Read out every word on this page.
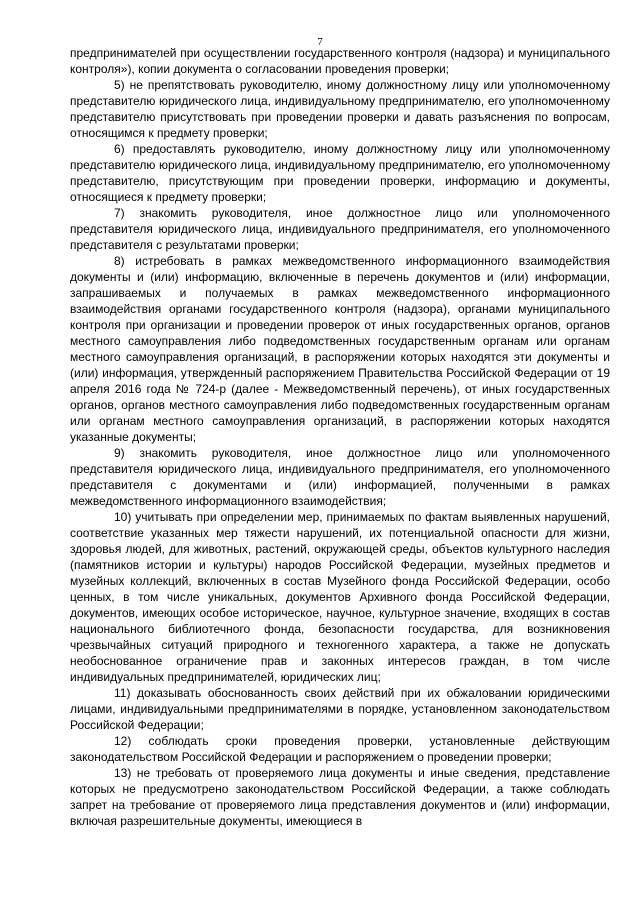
7

предпринимателей при осуществлении государственного контроля (надзора) и муниципального контроля»), копии документа о согласовании проведения проверки;

5) не препятствовать руководителю, иному должностному лицу или уполномоченному представителю юридического лица, индивидуальному предпринимателю, его уполномоченному представителю присутствовать при проведении проверки и давать разъяснения по вопросам, относящимся к предмету проверки;

6) предоставлять руководителю, иному должностному лицу или уполномоченному представителю юридического лица, индивидуальному предпринимателю, его уполномоченному представителю, присутствующим при проведении проверки, информацию и документы, относящиеся к предмету проверки;

7) знакомить руководителя, иное должностное лицо или уполномоченного представителя юридического лица, индивидуального предпринимателя, его уполномоченного представителя с результатами проверки;

8) истребовать в рамках межведомственного информационного взаимодействия документы и (или) информацию, включенные в перечень документов и (или) информации, запрашиваемых и получаемых в рамках межведомственного информационного взаимодействия органами государственного контроля (надзора), органами муниципального контроля при организации и проведении проверок от иных государственных органов, органов местного самоуправления либо подведомственных государственным органам или органам местного самоуправления организаций, в распоряжении которых находятся эти документы и (или) информация, утвержденный распоряжением Правительства Российской Федерации от 19 апреля 2016 года № 724-р (далее - Межведомственный перечень), от иных государственных органов, органов местного самоуправления либо подведомственных государственным органам или органам местного самоуправления организаций, в распоряжении которых находятся указанные документы;

9) знакомить руководителя, иное должностное лицо или уполномоченного представителя юридического лица, индивидуального предпринимателя, его уполномоченного представителя с документами и (или) информацией, полученными в рамках межведомственного информационного взаимодействия;

10) учитывать при определении мер, принимаемых по фактам выявленных нарушений, соответствие указанных мер тяжести нарушений, их потенциальной опасности для жизни, здоровья людей, для животных, растений, окружающей среды, объектов культурного наследия (памятников истории и культуры) народов Российской Федерации, музейных предметов и музейных коллекций, включенных в состав Музейного фонда Российской Федерации, особо ценных, в том числе уникальных, документов Архивного фонда Российской Федерации, документов, имеющих особое историческое, научное, культурное значение, входящих в состав национального библиотечного фонда, безопасности государства, для возникновения чрезвычайных ситуаций природного и техногенного характера, а также не допускать необоснованное ограничение прав и законных интересов граждан, в том числе индивидуальных предпринимателей, юридических лиц;

11) доказывать обоснованность своих действий при их обжаловании юридическими лицами, индивидуальными предпринимателями в порядке, установленном законодательством Российской Федерации;

12) соблюдать сроки проведения проверки, установленные действующим законодательством Российской Федерации и распоряжением о проведении проверки;

13) не требовать от проверяемого лица документы и иные сведения, представление которых не предусмотрено законодательством Российской Федерации, а также соблюдать запрет на требование от проверяемого лица представления документов и (или) информации, включая разрешительные документы, имеющиеся в
